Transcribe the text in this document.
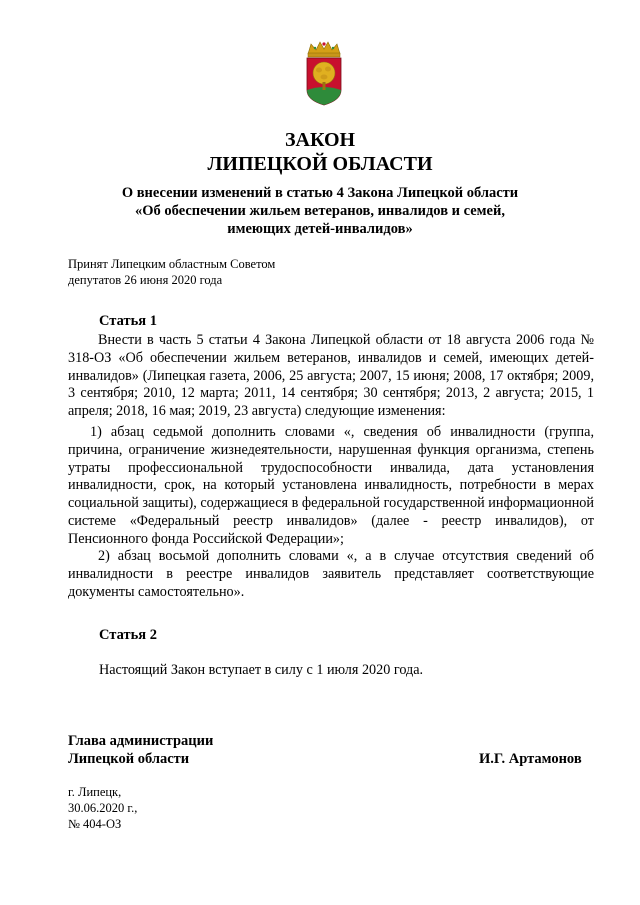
ЗАКОН
ЛИПЕЦКОЙ ОБЛАСТИ
О внесении изменений в статью 4 Закона Липецкой области
«Об обеспечении жильем ветеранов, инвалидов и семей,
имеющих детей-инвалидов»
Принят Липецким областным Советом
депутатов 26 июня 2020 года
Статья 1
Внести в часть 5 статьи 4 Закона Липецкой области от 18 августа 2006 года № 318-ОЗ «Об обеспечении жильем ветеранов, инвалидов и семей, имеющих детей-инвалидов» (Липецкая газета, 2006, 25 августа; 2007, 15 июня; 2008, 17 октября; 2009, 3 сентября; 2010, 12 марта; 2011, 14 сентября; 30 сентября; 2013, 2 августа; 2015, 1 апреля; 2018, 16 мая; 2019, 23 августа) следующие изменения:
1) абзац седьмой дополнить словами «, сведения об инвалидности (группа, причина, ограничение жизнедеятельности, нарушенная функция организма, степень утраты профессиональной трудоспособности инвалида, дата установления инвалидности, срок, на который установлена инвалидность, потребности в мерах социальной защиты), содержащиеся в федеральной государственной информационной системе «Федеральный реестр инвалидов» (далее - реестр инвалидов), от Пенсионного фонда Российской Федерации»;
2) абзац восьмой дополнить словами «, а в случае отсутствия сведений об инвалидности в реестре инвалидов заявитель представляет соответствующие документы самостоятельно».
Статья 2
Настоящий Закон вступает в силу с 1 июля 2020 года.
Глава администрации
Липецкой области	И.Г. Артамонов
г. Липецк,
30.06.2020 г.,
№ 404-ОЗ
